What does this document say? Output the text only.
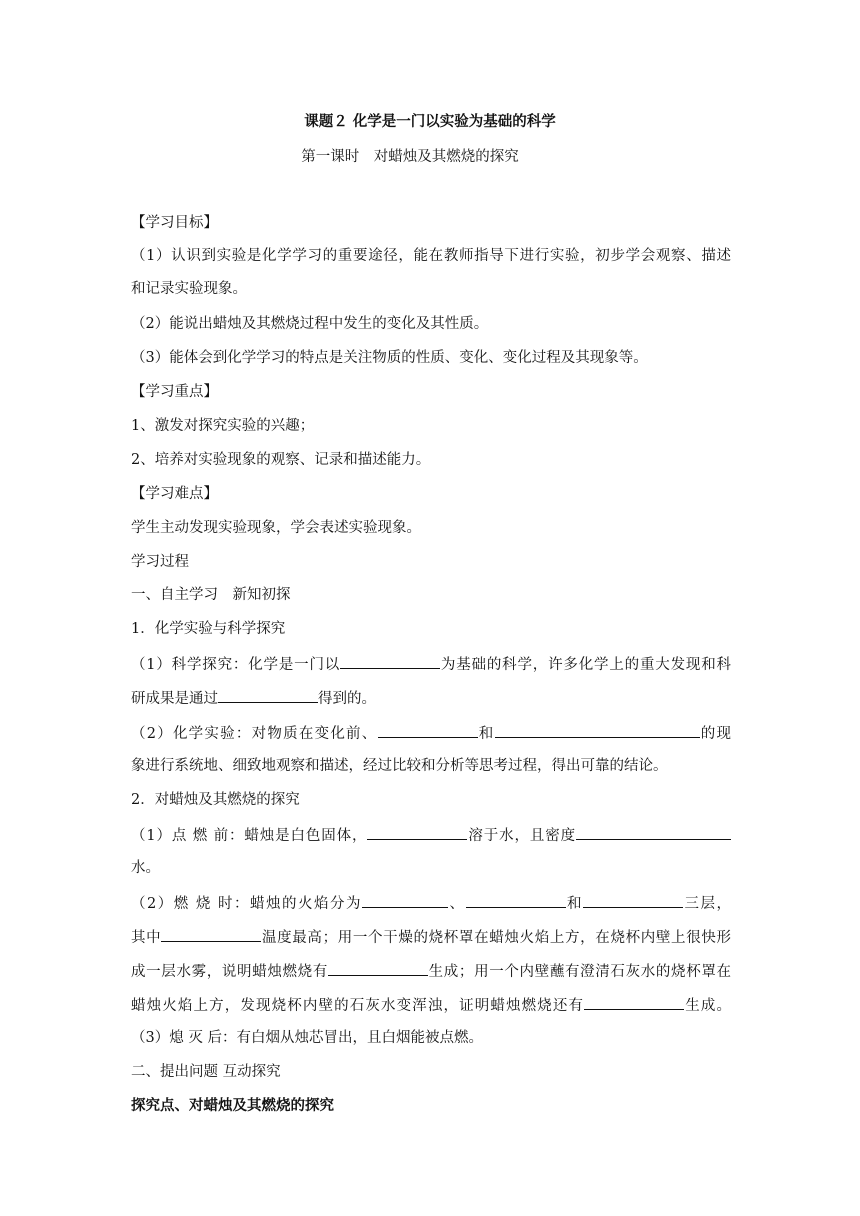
课题２ 化学是一门以实验为基础的科学
第一课时　对蜡烛及其燃烧的探究
【学习目标】
（1）认识到实验是化学学习的重要途径，能在教师指导下进行实验，初步学会观察、描述
和记录实验现象。
（2）能说出蜡烛及其燃烧过程中发生的变化及其性质。
（3）能体会到化学学习的特点是关注物质的性质、变化、变化过程及其现象等。
【学习重点】
1、激发对探究实验的兴趣；
2、培养对实验现象的观察、记录和描述能力。
【学习难点】
学生主动发现实验现象，学会表述实验现象。
学习过程
一、自主学习　新知初探
1．化学实验与科学探究
（1）科学探究：化学是一门以	为基础的科学，许多化学上的重大发现和科
研成果是通过	得到的。
（2）化学实验：对物质在变化前、	和	的现
象进行系统地、细致地观察和描述，经过比较和分析等思考过程，得出可靠的结论。
2．对蜡烛及其燃烧的探究
（1）点 燃 前：蜡烛是白色固体，	溶于水，且密度
水。
（2）燃 烧 时：蜡烛的火焰分为	、	和	三层，
其中	温度最高；用一个干燥的烧杯罩在蜡烛火焰上方，在烧杯内壁上很快形
成一层水雾，说明蜡烛燃烧有	生成；用一个内壁蘸有澄清石灰水的烧杯罩在
蜡烛火焰上方，发现烧杯内壁的石灰水变浑浊，证明蜡烛燃烧还有	生成。
（3）熄 灭 后：有白烟从烛芯冒出，且白烟能被点燃。
二、提出问题 互动探究
探究点、对蜡烛及其燃烧的探究
